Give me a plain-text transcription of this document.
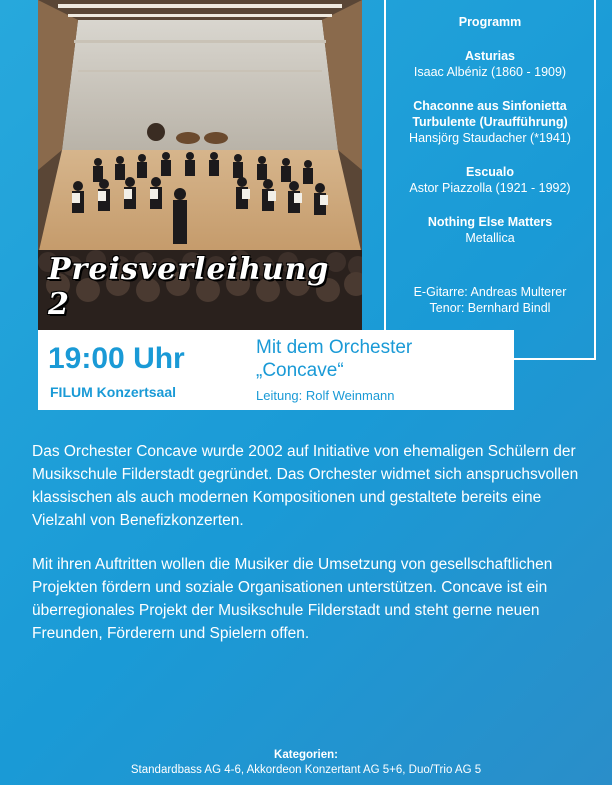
Preisverleihung 2
Programm
Asturias
Isaac Albéniz (1860 - 1909)
Chaconne aus Sinfonietta
Turbulente (Uraufführung)
Hansjörg Staudacher (*1941)
Escualo
Astor Piazzolla (1921 - 1992)
Nothing Else Matters
Metallica
E-Gitarre: Andreas Multerer
Tenor: Bernhard Bindl
19:00 Uhr
FILUM Konzertsaal
Mit dem Orchester
„Concave“
Leitung: Rolf Weinmann
Das Orchester Concave wurde 2002 auf Initiative von ehemaligen Schülern der Musikschule Filderstadt gegründet. Das Orchester widmet sich anspruchsvollen klassischen als auch modernen Kompositionen und gestaltete bereits eine Vielzahl von Benefizkonzerten.
Mit ihren Auftritten wollen die Musiker die Umsetzung von gesellschaftlichen Projekten fördern und soziale Organisationen unterstützen. Concave ist ein überregionales Projekt der Musikschule Filderstadt und steht gerne neuen Freunden, Förderern und Spielern offen.
Kategorien:
Standardbass AG 4-6, Akkordeon Konzertant AG 5+6, Duo/Trio AG 5
